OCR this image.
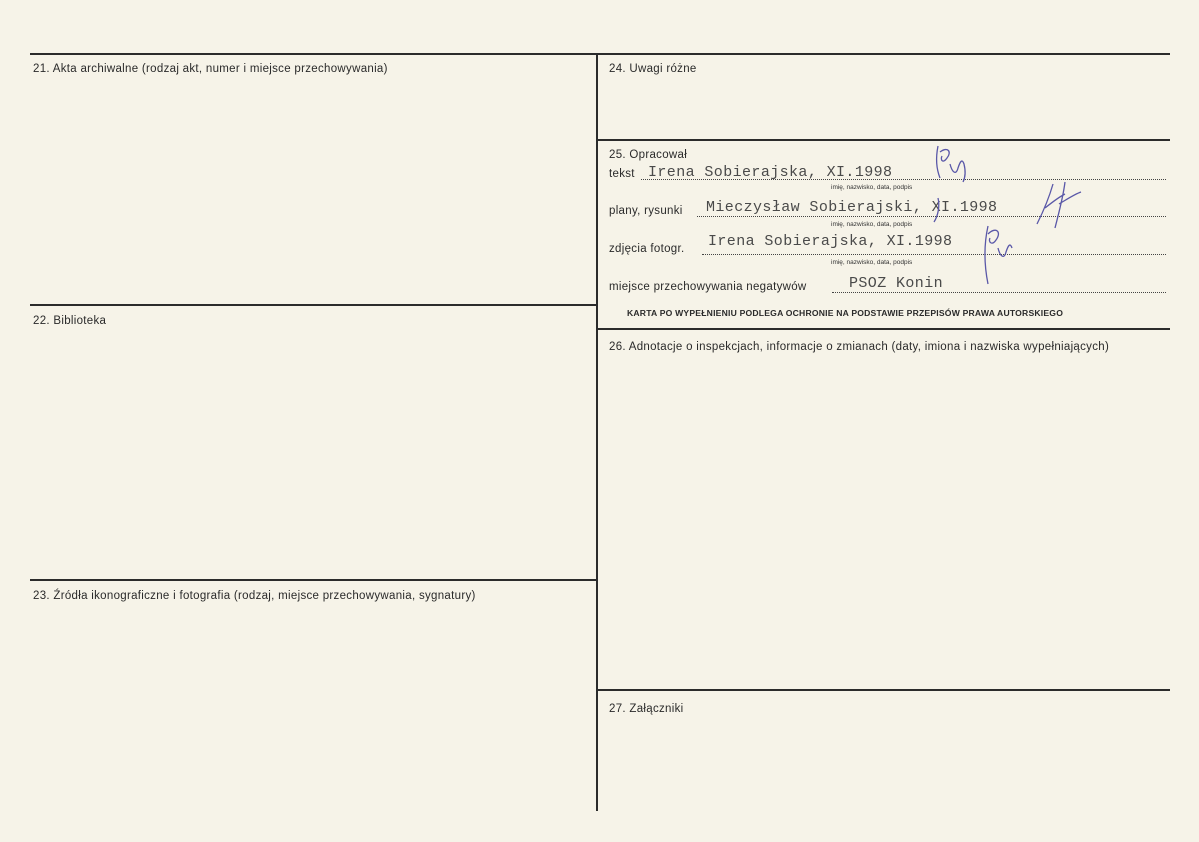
21. Akta archiwalne (rodzaj akt, numer i miejsce przechowywania)
22. Biblioteka
23. Źródła ikonograficzne i fotografia (rodzaj, miejsce przechowywania, sygnatury)
24. Uwagi różne
25. Opracował
26. Adnotacje o inspekcjach, informacje o zmianach (daty, imiona i nazwiska wypełniających)
27. Załączniki
tekst Irena Sobierajska, XI.1998
imię, nazwisko, data, podpis
plany, rysunki Mieczysław Sobierajski, XI.1998
imię, nazwisko, data, podpis
zdjęcia fotogr. Irena Sobierajska, XI.1998
imię, nazwisko, data, podpis
miejsce przechowywania negatywów	PSOZ Konin
KARTA PO WYPEŁNIENIU PODLEGA OCHRONIE NA PODSTAWIE PRZEPISÓW PRAWA AUTORSKIEGO
